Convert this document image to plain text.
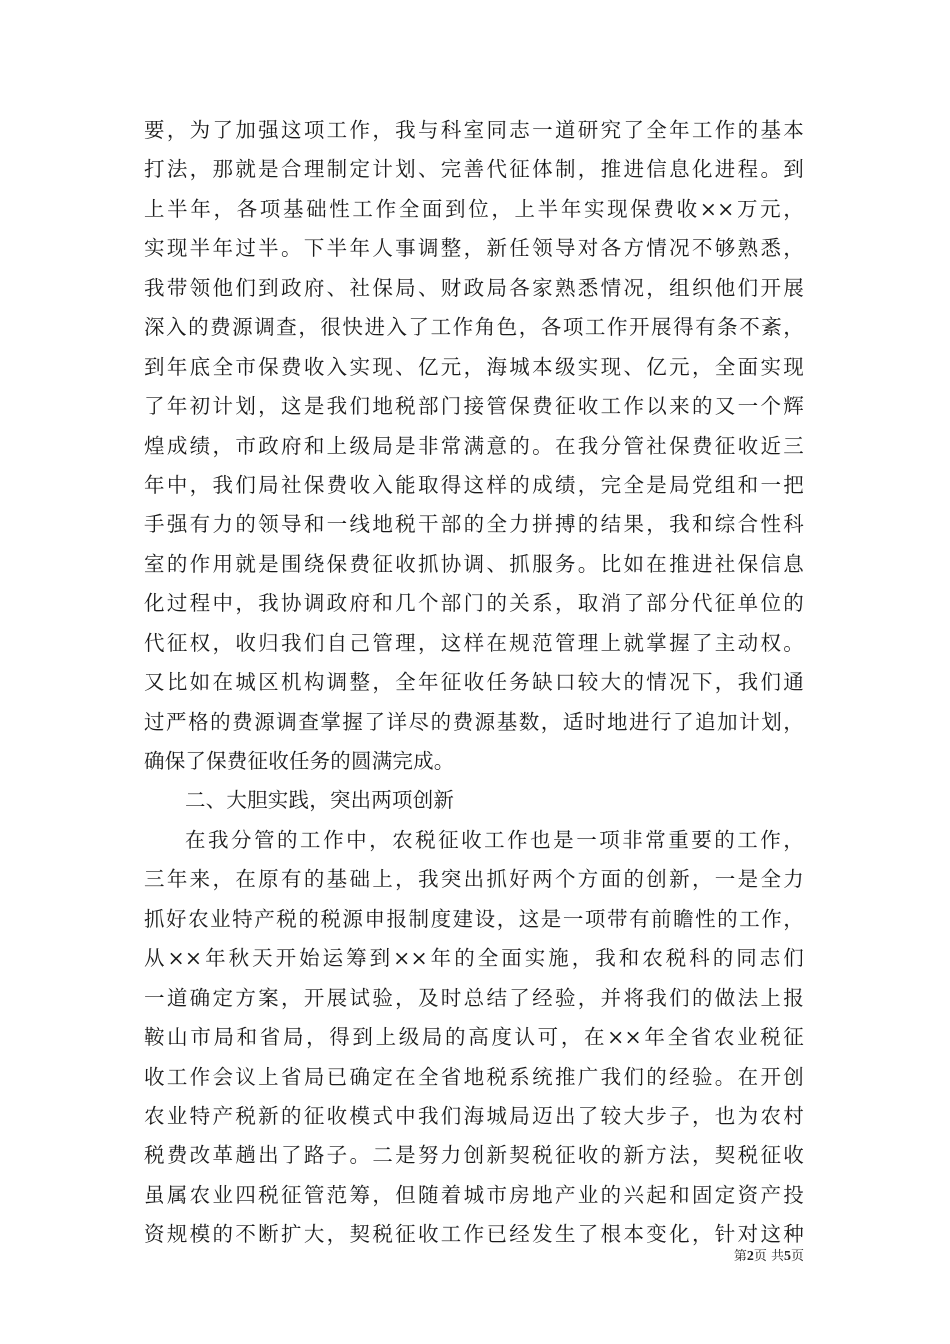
要，为了加强这项工作，我与科室同志一道研究了全年工作的基本
打法，那就是合理制定计划、完善代征体制，推进信息化进程。到
上半年，各项基础性工作全面到位，上半年实现保费收××万元，
实现半年过半。下半年人事调整，新任领导对各方情况不够熟悉，
我带领他们到政府、社保局、财政局各家熟悉情况，组织他们开展
深入的费源调查，很快进入了工作角色，各项工作开展得有条不紊，
到年底全市保费收入实现、亿元，海城本级实现、亿元，全面实现
了年初计划，这是我们地税部门接管保费征收工作以来的又一个辉
煌成绩，市政府和上级局是非常满意的。在我分管社保费征收近三
年中，我们局社保费收入能取得这样的成绩，完全是局党组和一把
手强有力的领导和一线地税干部的全力拼搏的结果，我和综合性科
室的作用就是围绕保费征收抓协调、抓服务。比如在推进社保信息
化过程中，我协调政府和几个部门的关系，取消了部分代征单位的
代征权，收归我们自己管理，这样在规范管理上就掌握了主动权。
又比如在城区机构调整，全年征收任务缺口较大的情况下，我们通
过严格的费源调查掌握了详尽的费源基数，适时地进行了追加计划，
确保了保费征收任务的圆满完成。
二、大胆实践，突出两项创新
在我分管的工作中，农税征收工作也是一项非常重要的工作，
三年来，在原有的基础上，我突出抓好两个方面的创新，一是全力
抓好农业特产税的税源申报制度建设，这是一项带有前瞻性的工作，
从××年秋天开始运筹到××年的全面实施，我和农税科的同志们
一道确定方案，开展试验，及时总结了经验，并将我们的做法上报
鞍山市局和省局，得到上级局的高度认可，在××年全省农业税征
收工作会议上省局已确定在全省地税系统推广我们的经验。在开创
农业特产税新的征收模式中我们海城局迈出了较大步子，也为农村
税费改革趟出了路子。二是努力创新契税征收的新方法，契税征收
虽属农业四税征管范筹，但随着城市房地产业的兴起和固定资产投
资规模的不断扩大，契税征收工作已经发生了根本变化，针对这种
第2页 共5页
